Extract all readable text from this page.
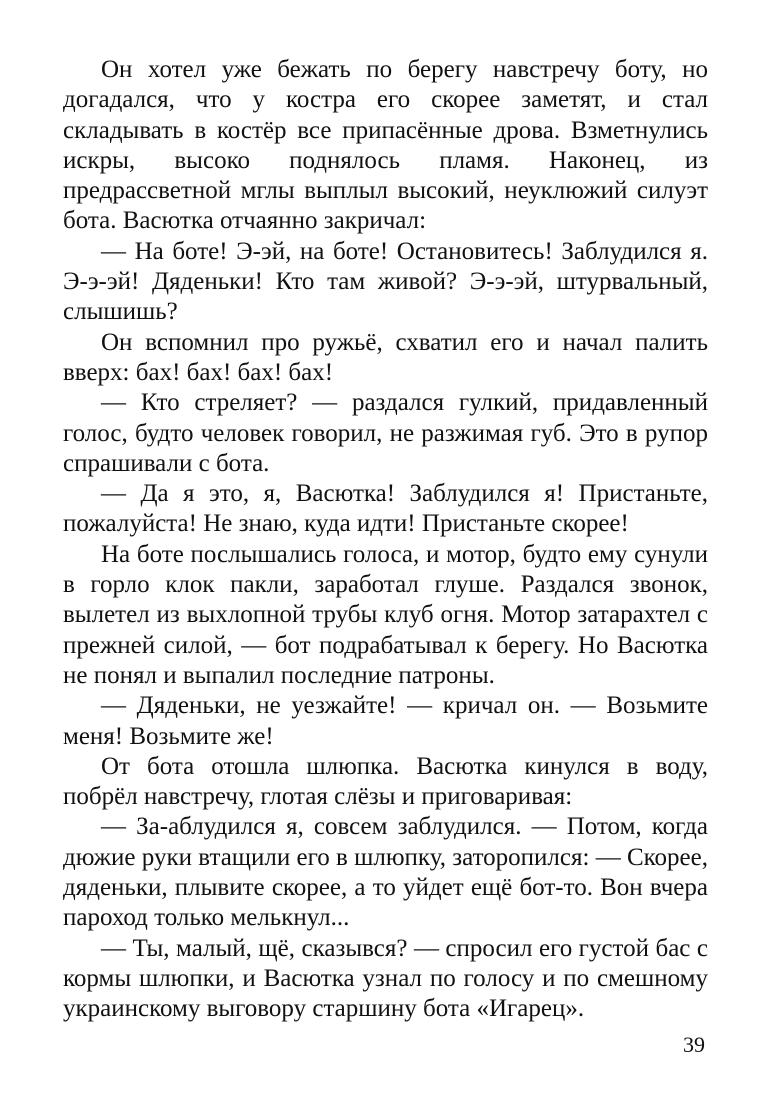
Он хотел уже бежать по берегу навстречу боту, но догадался, что у костра его скорее заметят, и стал складывать в костёр все припасённые дрова. Взметнулись искры, высоко поднялось пламя. Наконец, из предрассветной мглы выплыл высокий, неуклюжий силуэт бота. Васютка отчаянно закричал:

— На боте! Э-эй, на боте! Остановитесь! Заблудился я. Э-э-эй! Дяденьки! Кто там живой? Э-э-эй, штурвальный, слышишь?

Он вспомнил про ружьё, схватил его и начал палить вверх: бах! бах! бах! бах!

— Кто стреляет? — раздался гулкий, придавленный голос, будто человек говорил, не разжимая губ. Это в рупор спрашивали с бота.

— Да я это, я, Васютка! Заблудился я! Пристаньте, пожалуйста! Не знаю, куда идти! Пристаньте скорее!

На боте послышались голоса, и мотор, будто ему сунули в горло клок пакли, заработал глуше. Раздался звонок, вылетел из выхлопной трубы клуб огня. Мотор затарахтел с прежней силой, — бот подрабатывал к берегу. Но Васютка не понял и выпалил последние патроны.

— Дяденьки, не уезжайте! — кричал он. — Возьмите меня! Возьмите же!

От бота отошла шлюпка. Васютка кинулся в воду, побрёл навстречу, глотая слёзы и приговаривая:

— За-аблудился я, совсем заблудился. — Потом, когда дюжие руки втащили его в шлюпку, заторопился: — Скорее, дяденьки, плывите скорее, а то уйдет ещё бот-то. Вон вчера пароход только мелькнул...

— Ты, малый, щё, сказывся? — спросил его густой бас с кормы шлюпки, и Васютка узнал по голосу и по смешному украинскому выговору старшину бота «Игарец».

39
